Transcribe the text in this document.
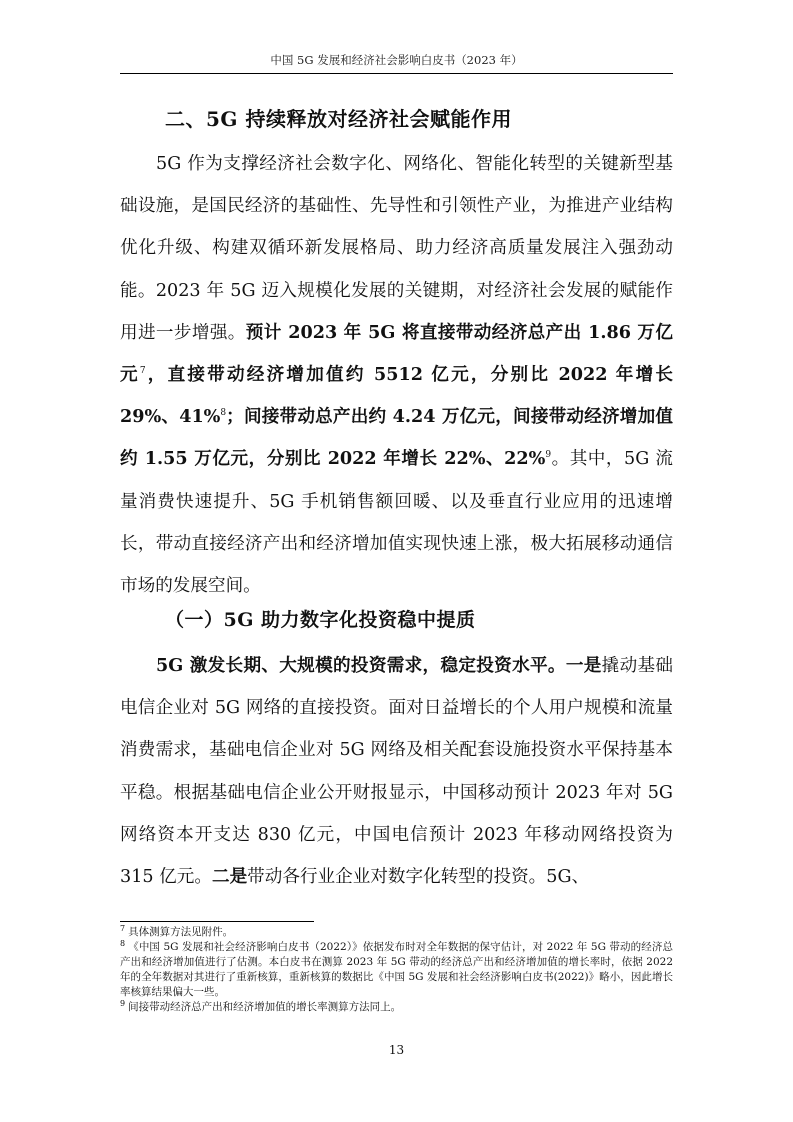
中国 5G 发展和经济社会影响白皮书（2023 年）
二、5G 持续释放对经济社会赋能作用

5G 作为支撑经济社会数字化、网络化、智能化转型的关键新型基础设施，是国民经济的基础性、先导性和引领性产业，为推进产业结构优化升级、构建双循环新发展格局、助力经济高质量发展注入强劲动能。2023 年 5G 迈入规模化发展的关键期，对经济社会发展的赋能作用进一步增强。预计 2023 年 5G 将直接带动经济总产出 1.86 万亿元$^7$，直接带动经济增加值约 5512 亿元，分别比 2022 年增长 29%、41%$^8$；间接带动总产出约 4.24 万亿元，间接带动经济增加值约 1.55 万亿元，分别比 2022 年增长 22%、22%$^9$。其中，5G 流量消费快速提升、5G 手机销售额回暖、以及垂直行业应用的迅速增长，带动直接经济产出和经济增加值实现快速上涨，极大拓展移动通信市场的发展空间。

（一）5G 助力数字化投资稳中提质

5G 激发长期、大规模的投资需求，稳定投资水平。一是撬动基础电信企业对 5G 网络的直接投资。面对日益增长的个人用户规模和流量消费需求，基础电信企业对 5G 网络及相关配套设施投资水平保持基本平稳。根据基础电信企业公开财报显示，中国移动预计 2023 年对 5G 网络资本开支达 830 亿元，中国电信预计 2023 年移动网络投资为 315 亿元。二是带动各行业企业对数字化转型的投资。5G、

$^7$ 具体测算方法见附件。

$^8$ 《中国 5G 发展和社会经济影响白皮书（2022）》依据发布时对全年数据的保守估计，对 2022 年 5G 带动的经济总产出和经济增加值进行了估测。本白皮书在测算 2023 年 5G 带动的经济总产出和经济增加值的增长率时，依据 2022 年的全年数据对其进行了重新核算，重新核算的数据比《中国 5G 发展和社会经济影响白皮书(2022)》略小，因此增长率核算结果偏大一些。

$^9$ 间接带动经济总产出和经济增加值的增长率测算方法同上。

13
